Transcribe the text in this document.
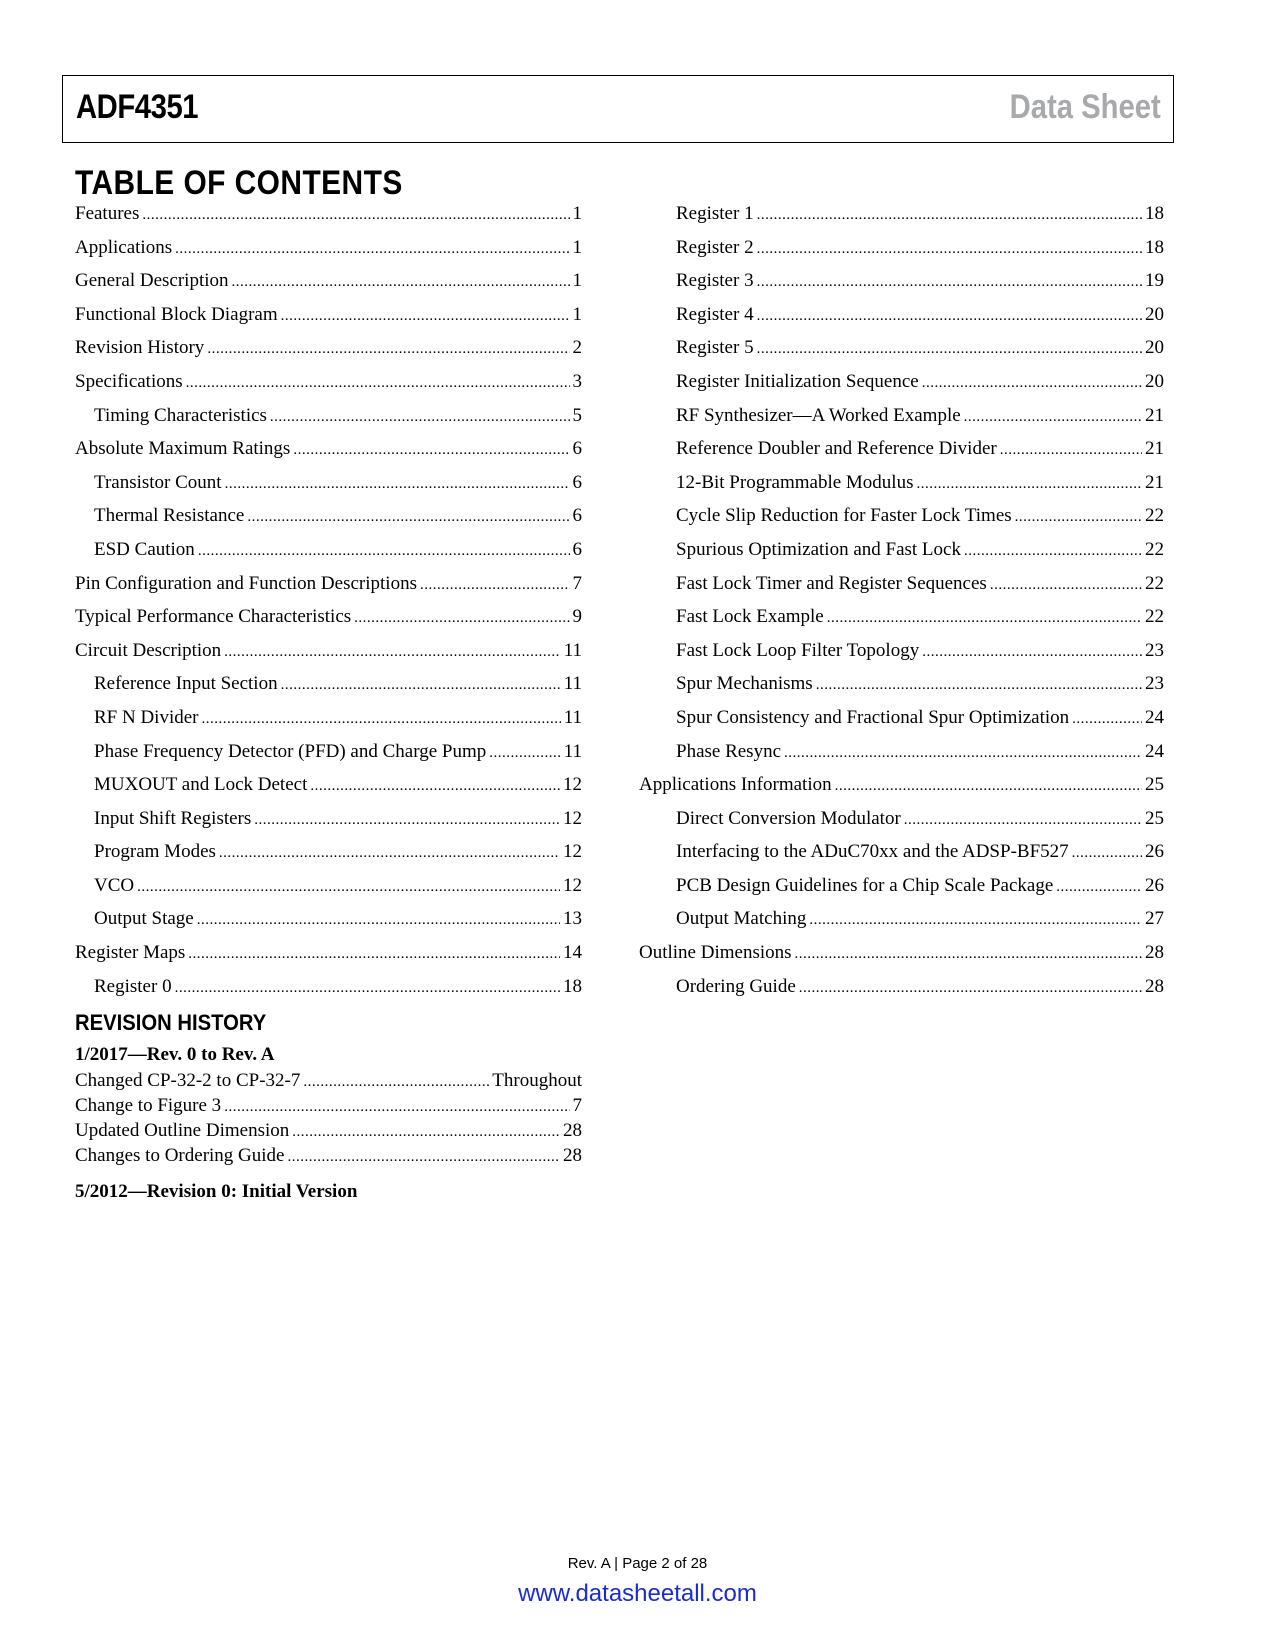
ADF4351	Data Sheet
TABLE OF CONTENTS
Features .....	1
Applications .....	1
General Description .....	1
Functional Block Diagram .....	1
Revision History .....	2
Specifications .....	3
Timing Characteristics .....	5
Absolute Maximum Ratings .....	6
Transistor Count .....	6
Thermal Resistance .....	6
ESD Caution .....	6
Pin Configuration and Function Descriptions .....	7
Typical Performance Characteristics .....	9
Circuit Description .....	11
Reference Input Section .....	11
RF N Divider .....	11
Phase Frequency Detector (PFD) and Charge Pump .....	11
MUXOUT and Lock Detect .....	12
Input Shift Registers .....	12
Program Modes .....	12
VCO .....	12
Output Stage .....	13
Register Maps .....	14
Register 0 .....	18
Register 1 .....	18
Register 2 .....	18
Register 3 .....	19
Register 4 .....	20
Register 5 .....	20
Register Initialization Sequence .....	20
RF Synthesizer—A Worked Example .....	21
Reference Doubler and Reference Divider .....	21
12-Bit Programmable Modulus .....	21
Cycle Slip Reduction for Faster Lock Times .....	22
Spurious Optimization and Fast Lock .....	22
Fast Lock Timer and Register Sequences .....	22
Fast Lock Example .....	22
Fast Lock Loop Filter Topology .....	23
Spur Mechanisms .....	23
Spur Consistency and Fractional Spur Optimization .....	24
Phase Resync .....	24
Applications Information .....	25
Direct Conversion Modulator .....	25
Interfacing to the ADuC70xx and the ADSP-BF527 .....	26
PCB Design Guidelines for a Chip Scale Package .....	26
Output Matching .....	27
Outline Dimensions .....	28
Ordering Guide .....	28
REVISION HISTORY
1/2017—Rev. 0 to Rev. A
Changed CP-32-2 to CP-32-7 .....	Throughout
Change to Figure 3 .....	7
Updated Outline Dimension .....	28
Changes to Ordering Guide .....	28
5/2012—Revision 0: Initial Version
Rev. A | Page 2 of 28
www.datasheetall.com
